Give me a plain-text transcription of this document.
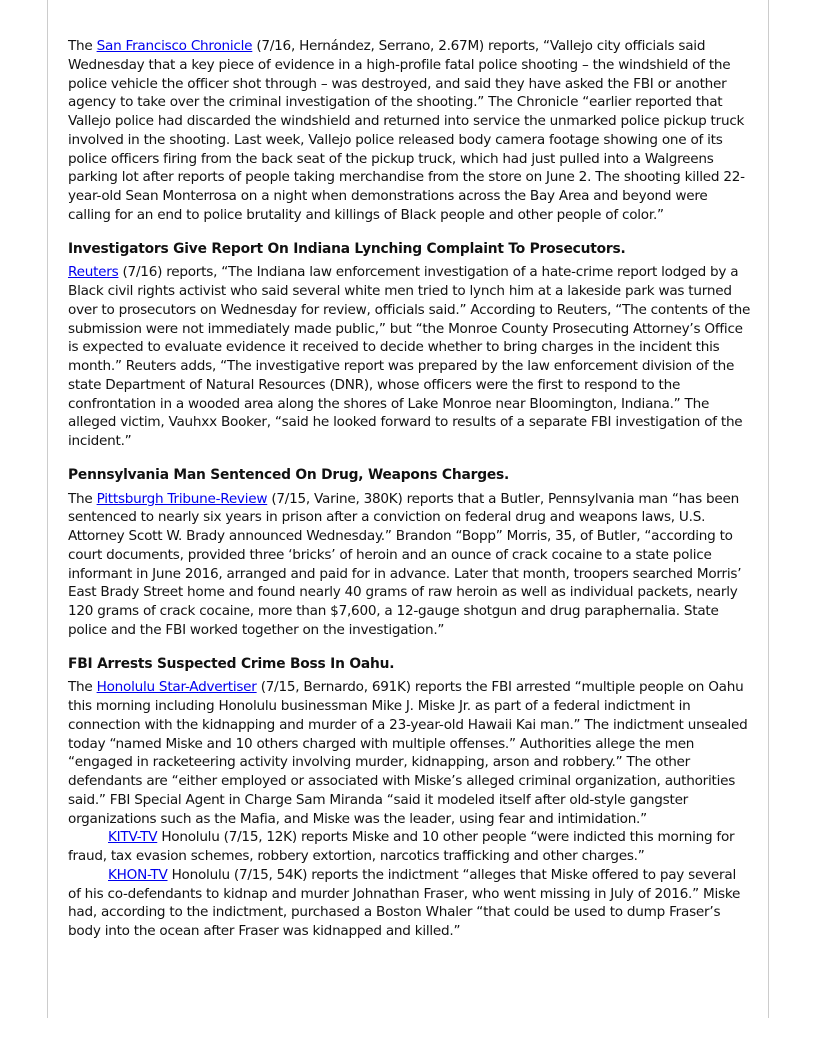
The San Francisco Chronicle (7/16, Hernández, Serrano, 2.67M) reports, “Vallejo city officials said Wednesday that a key piece of evidence in a high-profile fatal police shooting – the windshield of the police vehicle the officer shot through – was destroyed, and said they have asked the FBI or another agency to take over the criminal investigation of the shooting.” The Chronicle “earlier reported that Vallejo police had discarded the windshield and returned into service the unmarked police pickup truck involved in the shooting. Last week, Vallejo police released body camera footage showing one of its police officers firing from the back seat of the pickup truck, which had just pulled into a Walgreens parking lot after reports of people taking merchandise from the store on June 2. The shooting killed 22-year-old Sean Monterrosa on a night when demonstrations across the Bay Area and beyond were calling for an end to police brutality and killings of Black people and other people of color.”

Investigators Give Report On Indiana Lynching Complaint To Prosecutors.

Reuters (7/16) reports, “The Indiana law enforcement investigation of a hate-crime report lodged by a Black civil rights activist who said several white men tried to lynch him at a lakeside park was turned over to prosecutors on Wednesday for review, officials said.” According to Reuters, “The contents of the submission were not immediately made public,” but “the Monroe County Prosecuting Attorney’s Office is expected to evaluate evidence it received to decide whether to bring charges in the incident this month.” Reuters adds, “The investigative report was prepared by the law enforcement division of the state Department of Natural Resources (DNR), whose officers were the first to respond to the confrontation in a wooded area along the shores of Lake Monroe near Bloomington, Indiana.” The alleged victim, Vauhxx Booker, “said he looked forward to results of a separate FBI investigation of the incident.”

Pennsylvania Man Sentenced On Drug, Weapons Charges.

The Pittsburgh Tribune-Review (7/15, Varine, 380K) reports that a Butler, Pennsylvania man “has been sentenced to nearly six years in prison after a conviction on federal drug and weapons laws, U.S. Attorney Scott W. Brady announced Wednesday.” Brandon “Bopp” Morris, 35, of Butler, “according to court documents, provided three ‘bricks’ of heroin and an ounce of crack cocaine to a state police informant in June 2016, arranged and paid for in advance. Later that month, troopers searched Morris’ East Brady Street home and found nearly 40 grams of raw heroin as well as individual packets, nearly 120 grams of crack cocaine, more than $7,600, a 12-gauge shotgun and drug paraphernalia. State police and the FBI worked together on the investigation.”

FBI Arrests Suspected Crime Boss In Oahu.

The Honolulu Star-Advertiser (7/15, Bernardo, 691K) reports the FBI arrested “multiple people on Oahu this morning including Honolulu businessman Mike J. Miske Jr. as part of a federal indictment in connection with the kidnapping and murder of a 23-year-old Hawaii Kai man.” The indictment unsealed today “named Miske and 10 others charged with multiple offenses.” Authorities allege the men “engaged in racketeering activity involving murder, kidnapping, arson and robbery.” The other defendants are “either employed or associated with Miske’s alleged criminal organization, authorities said.” FBI Special Agent in Charge Sam Miranda “said it modeled itself after old-style gangster organizations such as the Mafia, and Miske was the leader, using fear and intimidation.”

KITV-TV Honolulu (7/15, 12K) reports Miske and 10 other people “were indicted this morning for fraud, tax evasion schemes, robbery extortion, narcotics trafficking and other charges.”

KHON-TV Honolulu (7/15, 54K) reports the indictment “alleges that Miske offered to pay several of his co-defendants to kidnap and murder Johnathan Fraser, who went missing in July of 2016.” Miske had, according to the indictment, purchased a Boston Whaler “that could be used to dump Fraser’s body into the ocean after Fraser was kidnapped and killed.”
